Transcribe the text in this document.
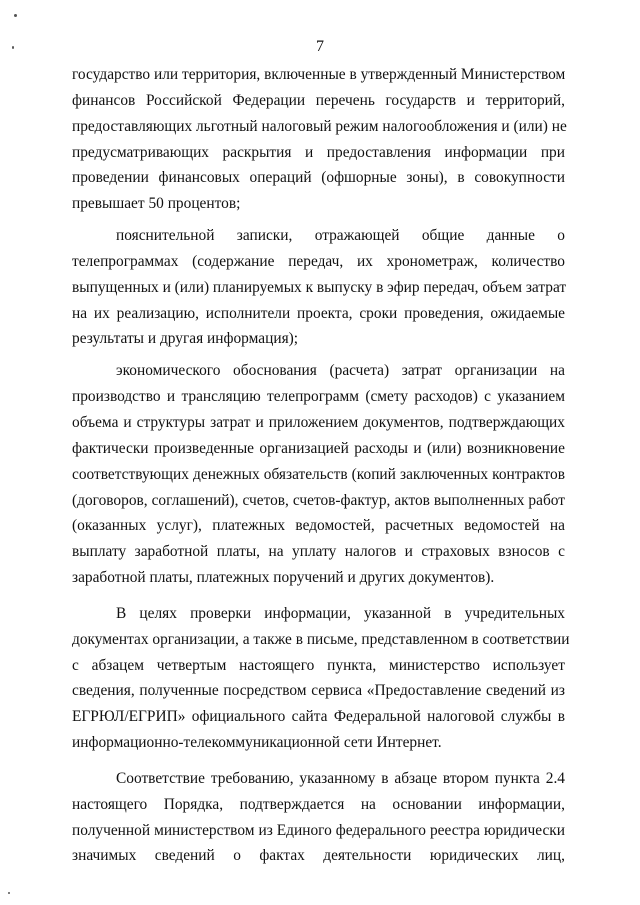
7
государство или территория, включенные в утвержденный Министерством
финансов Российской Федерации перечень государств и территорий,
предоставляющих льготный налоговый режим налогообложения и (или) не
предусматривающих раскрытия и предоставления информации при
проведении финансовых операций (офшорные зоны), в совокупности
превышает 50 процентов;
пояснительной записки, отражающей общие данные о
телепрограммах (содержание передач, их хронометраж, количество
выпущенных и (или) планируемых к выпуску в эфир передач, объем затрат
на их реализацию, исполнители проекта, сроки проведения, ожидаемые
результаты и другая информация);
экономического обоснования (расчета) затрат организации на
производство и трансляцию телепрограмм (смету расходов) с указанием
объема и структуры затрат и приложением документов, подтверждающих
фактически произведенные организацией расходы и (или) возникновение
соответствующих денежных обязательств (копий заключенных контрактов
(договоров, соглашений), счетов, счетов-фактур, актов выполненных работ
(оказанных услуг), платежных ведомостей, расчетных ведомостей на
выплату заработной платы, на уплату налогов и страховых взносов с
заработной платы, платежных поручений и других документов).
В целях проверки информации, указанной в учредительных
документах организации, а также в письме, представленном в соответствии
с абзацем четвертым настоящего пункта, министерство использует
сведения, полученные посредством сервиса «Предоставление сведений из
ЕГРЮЛ/ЕГРИП» официального сайта Федеральной налоговой службы в
информационно-телекоммуникационной сети Интернет.
Соответствие требованию, указанному в абзаце втором пункта 2.4
настоящего Порядка, подтверждается на основании информации,
полученной министерством из Единого федерального реестра юридически
значимых сведений о фактах деятельности юридических лиц,
